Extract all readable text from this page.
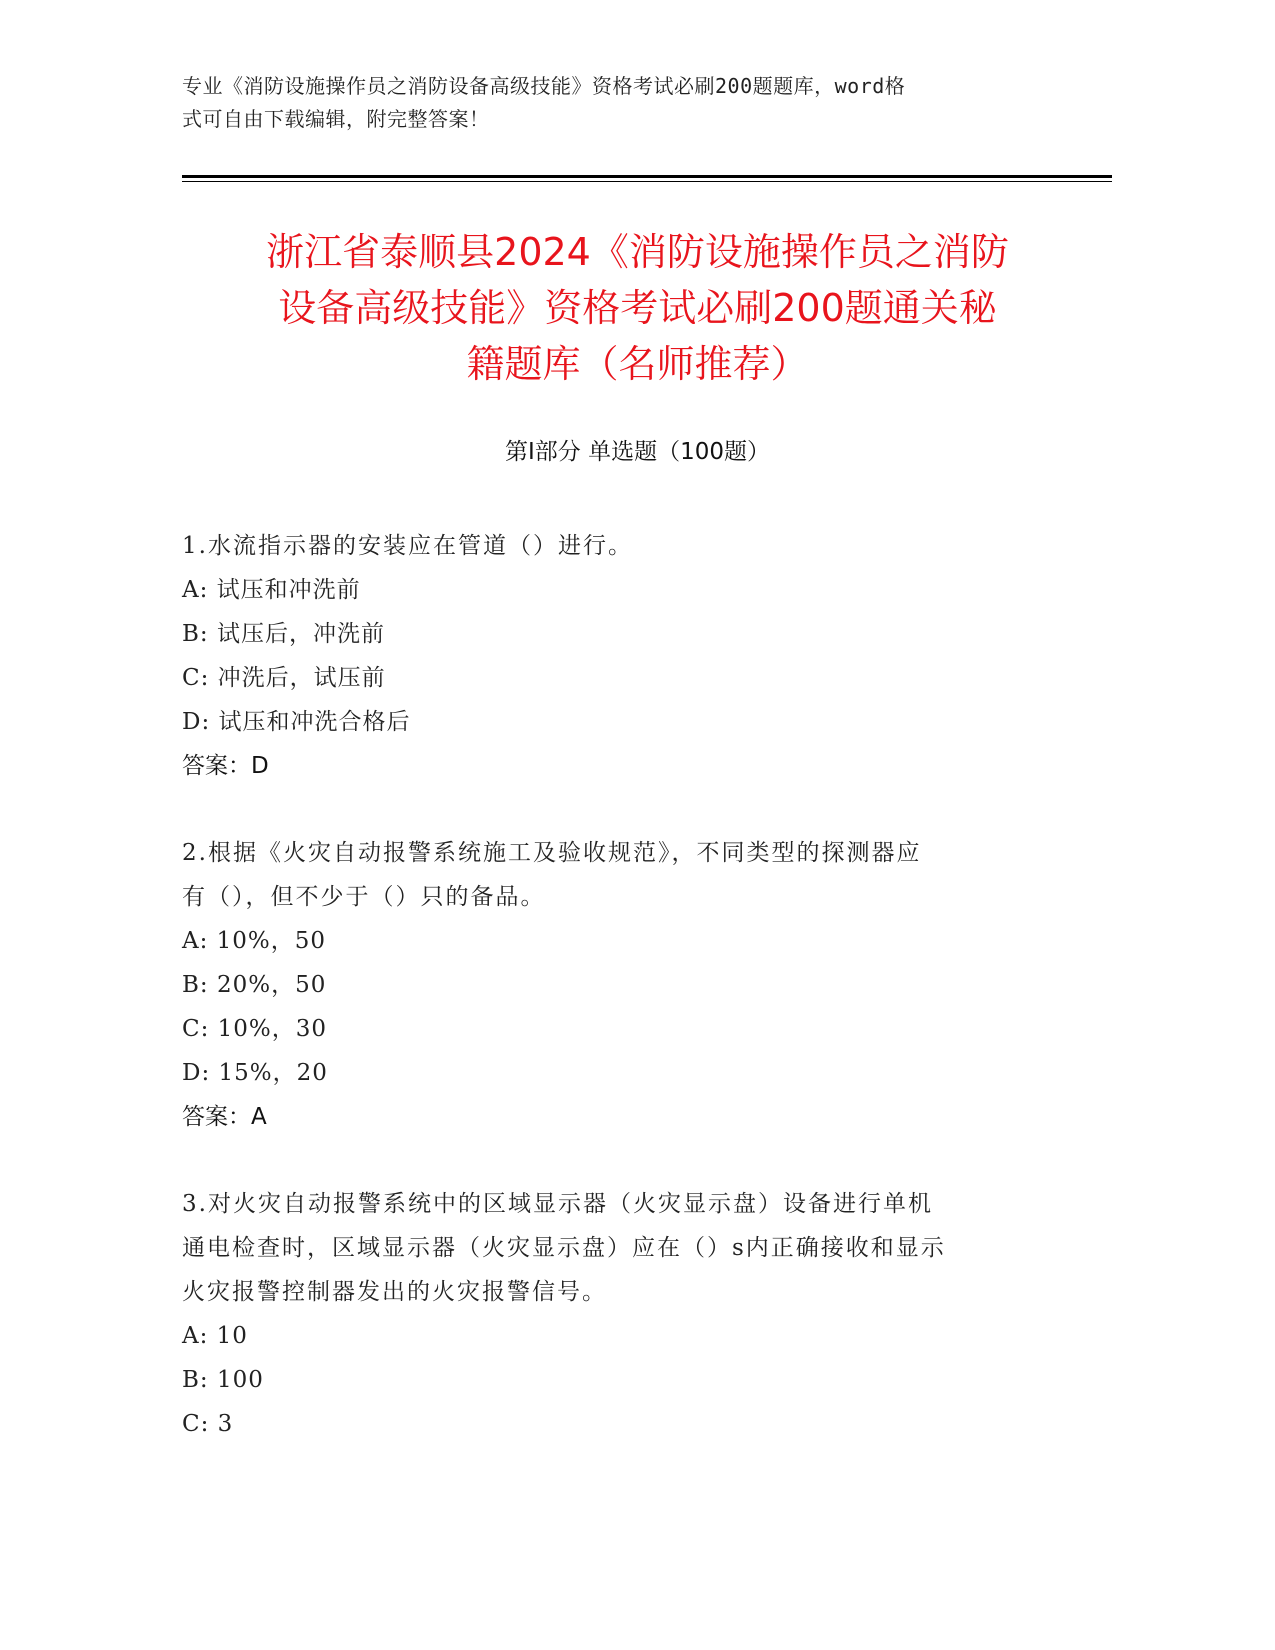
专业《消防设施操作员之消防设备高级技能》资格考试必刷200题题库，word格
式可自由下载编辑，附完整答案！
浙江省泰顺县2024《消防设施操作员之消防
设备高级技能》资格考试必刷200题通关秘
籍题库（名师推荐）
第Ⅰ部分 单选题（100题）

1.水流指示器的安装应在管道（）进行。

A: 试压和冲洗前

B: 试压后，冲洗前

C: 冲洗后，试压前

D: 试压和冲洗合格后

答案：D

2.根据《火灾自动报警系统施工及验收规范》，不同类型的探测器应

有（），但不少于（）只的备品。

A: 10%，50

B: 20%，50

C: 10%，30

D: 15%，20

答案：A

3.对火灾自动报警系统中的区域显示器（火灾显示盘）设备进行单机

通电检查时，区域显示器（火灾显示盘）应在（）s内正确接收和显示

火灾报警控制器发出的火灾报警信号。

A: 10

B: 100

C: 3
